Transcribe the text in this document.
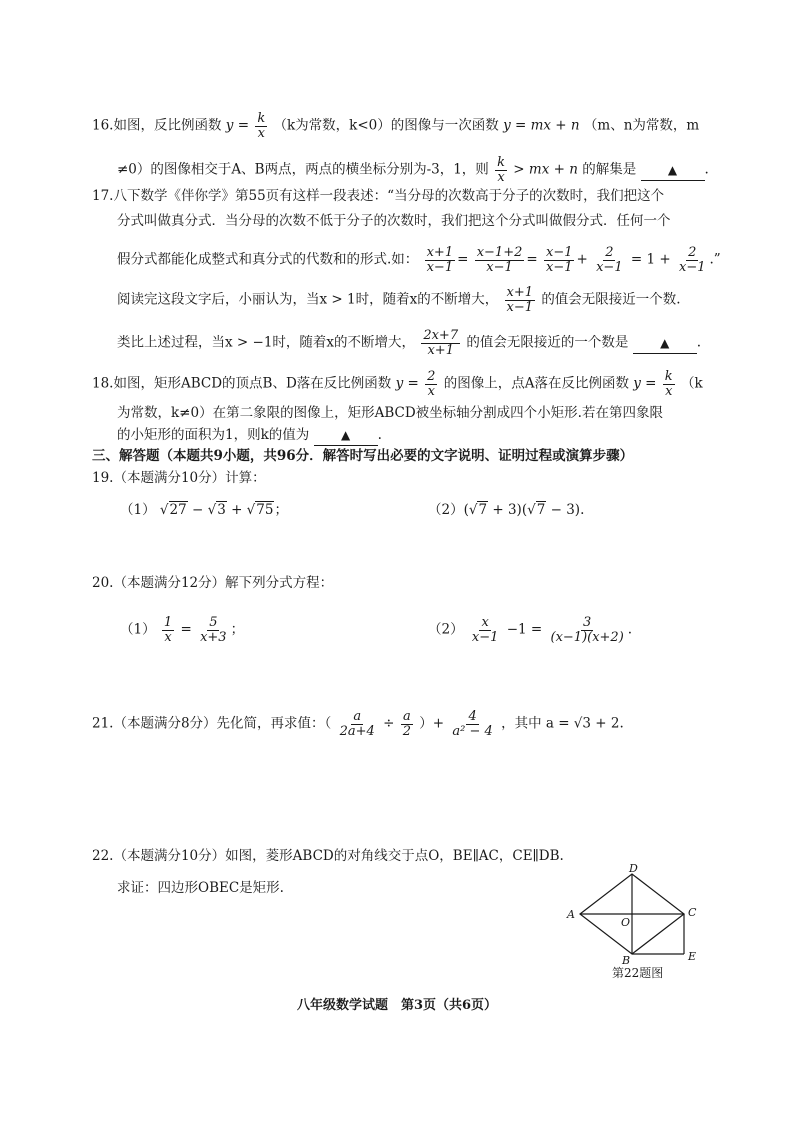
16.如图，反比例函数 $y = \frac{k}{x} (k$为常数，k<0）的图像与一次函数 y = mx + n （m、n为常数，m
≠0）的图像相交于A、B两点，两点的横坐标分别为-3，1，则 $\frac{k}{x}$ > mx + n 的解集是	▲ .
17.八下数学《伴你学》第55页有这样一段表述：“当分母的次数高于分子的次数时，我们把这个
分式叫做真分式．当分母的次数不低于分子的次数时，我们把这个分式叫做假分式．任何一个
假分式都能化成整式和真分式的代数和的形式.如： $\frac{x+1}{x-1} = \frac{x-1+2}{x-1} = \frac{x-1}{x-1} + \frac{2}{x-1} = 1 + \frac{2}{x-1}$ .”
阅读完这段文字后，小丽认为，当x > 1时，随着x的不断增大， $\frac{x+1}{x-1}$ 的值会无限接近一个数.
类比上述过程，当x > −1时，随着x的不断增大， $\frac{2x+7}{x+1}$ 的值会无限接近的一个数是	▲ .
18.如图，矩形ABCD的顶点B、D落在反比例函数 $y = \frac{2}{x}$ 的图像上，点A落在反比例函数 $y = \frac{k}{x} (k$
为常数，k≠0）在第二象限的图像上，矩形ABCD被坐标轴分割成四个小矩形.若在第四象限
的小矩形的面积为1，则k的值为	▲ .
三、解答题（本题共9小题，共96分．解答时写出必要的文字说明、证明过程或演算步骤）
19.（本题满分10分）计算：
（1） √27 − √3 + √75；	（2）(√7 + 3)(√7 − 3).
20.（本题满分12分）解下列分式方程：
$(1) \frac{1}{x} = \frac{5}{x+3}$ ；	$(2) \frac{x}{x-1} -1 = \frac{3}{(x-1)(x+2)}$ .
21.（本题满分8分）先化简，再求值：（ $\frac{a}{2a+4} \div \frac{a}{2}$ ）+ $\frac{4}{\text{a² − 4}}$ ，其中 a = √3 + 2.
22.（本题满分10分）如图，菱形ABCD的对角线交于点O，BE∥AC，CE∥DB.
求证：四边形OBEC是矩形.
D
A
O
C
B	E
第22题图
八年级数学试题　第3页（共6页）
